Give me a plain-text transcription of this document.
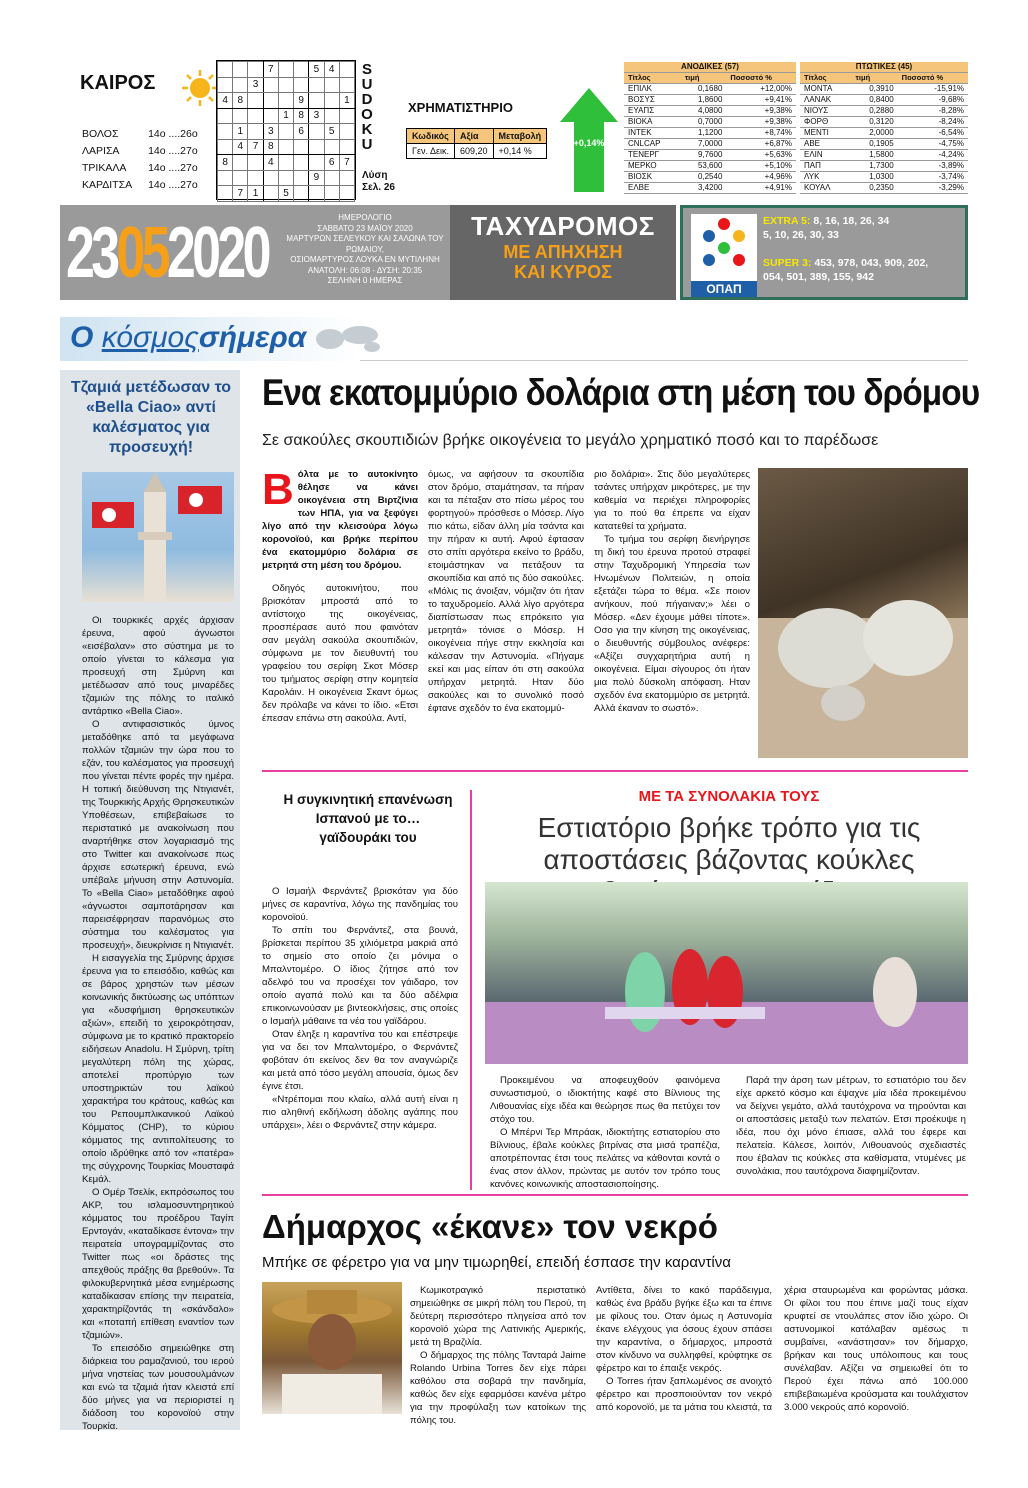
ΚΑΙΡΟΣ
ΒΟΛΟΣ	14ο ....26ο
ΛΑΡΙΣΑ	14ο ....27ο
ΤΡΙΚΑΛΑ	14ο ....27ο
ΚΑΡΔΙΤΣΑ	14ο ....27ο
			7			5	4	
		3						
4	8				9			1
				1	8	3		
	1		3		6		5	
	4	7	8					
8			4				6	7
						9		
	7	1		5				
S
U
D
O
K
U
Λύση
Σελ. 26
ΧΡΗΜΑΤΙΣΤΗΡΙΟ
Κωδικός	Αξία	Μεταβολή
Γεν. Δεικ.	609,20	+0,14 %
+0,14%
ΑΝΟΔΙΚΕΣ (57)		
Τίτλος	τιμή	Ποσοστό %
ΕΠΙΛΚ	0,1680	+12,00%
ΒΟΣΥΣ	1,8600	+9,41%
ΕΥΑΠΣ	4,0800	+9,38%
ΒΙΟΚΑ	0,7000	+9,38%
ΙΝΤΕΚ	1,1200	+8,74%
CNLCAP	7,0000	+6,87%
ΤΕΝΕΡΓ	9,7600	+5,63%
ΜΕΡΚΟ	53,600	+5,10%
ΒΙΟΣΚ	0,2540	+4,96%
ΕΛΒΕ	3,4200	+4,91%
ΠΤΩΤΙΚΕΣ (45)		
Τίτλος	τιμή	Ποσοστό %
ΜΟΝΤΑ	0,3910	-15,91%
ΛΑΝΑΚ	0,8400	-9,68%
ΝΙΟΥΣ	0,2880	-8,28%
ΦΟΡΘ	0,3120	-8,24%
ΜΕΝΤΙ	2,0000	-6,54%
ΑΒΕ	0,1905	-4,75%
ΕΛΙΝ	1,5800	-4,24%
ΠΑΠ	1,7300	-3,89%
ΛΥΚ	1,0300	-3,74%
ΚΟΥΑΛ	0,2350	-3,29%
23052020	ΗΜΕΡΟΛΟΓΙΟ
ΣΑΒΒΑΤΟ 23 ΜΑΪΟΥ 2020
ΜΑΡΤΥΡΩΝ ΣΕΛΕΥΚΟΥ ΚΑΙ ΣΑΛΩΝΑ ΤΟΥ ΡΩΜΑΙΟΥ,
ΟΣΙΟΜΑΡΤΥΡΟΣ ΛΟΥΚΑ ΕΝ ΜΥΤΙΛΗΝΗ
ΑΝΑΤΟΛΗ: 06:08 - ΔΥΣΗ: 20:35
ΣΕΛΗΝΗ 0 ΗΜΕΡΑΣ
ΤΑΧΥΔΡΟΜΟΣ
ΜΕ ΑΠΗΧΗΣΗ
ΚΑΙ ΚΥΡΟΣ
ΟΠΑΠ
EXTRA 5: 8, 16, 18, 26, 34
5, 10, 26, 30, 33
SUPER 3: 453, 978, 043, 909, 202,
054, 501, 389, 155, 942
Ο κόσμοςσήμερα
Τζαμιά μετέδωσαν το «Bella Ciao» αντί καλέσματος για προσευχή!

Οι τουρκικές αρχές άρχισαν έρευνα, αφού άγνωστοι «εισέβαλαν» στο σύστημα με το οποίο γίνεται το κάλεσμα για προσευχή στη Σμύρνη και μετέδωσαν από τους μιναρέδες τζαμιών της πόλης το ιταλικό αντάρτικο «Bella Ciao».

Ο αντιφασιστικός ύμνος μεταδόθηκε από τα μεγάφωνα πολλών τζαμιών την ώρα που το εζάν, του καλέσματος για προσευχή που γίνεται πέντε φορές την ημέρα. Η τοπική διεύθυνση της Ντιγιανέτ, της Τουρκικής Αρχής Θρησκευτικών Υποθέσεων, επιβεβαίωσε το περιστατικό με ανακοίνωση που αναρτήθηκε στον λογαριασμό της στο Twitter και ανακοίνωσε πως άρχισε εσωτερική έρευνα, ενώ υπέβαλε μήνυση στην Αστυνομία. Το «Bella Ciao» μεταδόθηκε αφού «άγνωστοι σαμποτάρησαν και παρεισέφρησαν παρανόμως στο σύστημα του καλέσματος για προσευχή», διευκρίνισε η Ντιγιανέτ.

Η εισαγγελία της Σμύρνης άρχισε έρευνα για το επεισόδιο, καθώς και σε βάρος χρηστών των μέσων κοινωνικής δικτύωσης ως υπόπτων για «δυσφήμιση θρησκευτικών αξιών», επειδή το χειροκρότησαν, σύμφωνα με το κρατικό πρακτορείο ειδήσεων Anadolu. Η Σμύρνη, τρίτη μεγαλύτερη πόλη της χώρας, αποτελεί προπύργιο των υποστηρικτών του λαϊκού χαρακτήρα του κράτους, καθώς και του Ρεπουμπλικανικού Λαϊκού Κόμματος (CHP), το κύριου κόμματος της αντιπολίτευσης το οποίο ιδρύθηκε από τον «πατέρα» της σύγχρονης Τουρκίας Μουσταφά Κεμάλ.

Ο Ομέρ Τσελίκ, εκπρόσωπος του AKP, του ισλαμοσυντηρητικού κόμματος του προέδρου Ταγίπ Ερντογάν, «καταδίκασε έντονα» την πειρατεία υπογραμμίζοντας στο Twitter πως «οι δράστες της απεχθούς πράξης θα βρεθούν». Τα φιλοκυβερνητικά μέσα ενημέρωσης καταδίκασαν επίσης την πειρατεία, χαρακτηρίζοντάς τη «σκάνδαλο» και «ποταπή επίθεση εναντίον των τζαμιών».

Το επεισόδιο σημειώθηκε στη διάρκεια του ραμαζανιού, του ιερού μήνα νηστείας των μουσουλμάνων και ενώ τα τζαμιά ήταν κλειστά επί δύο μήνες για να περιοριστεί η διάδοση του κορονοϊού στην Τουρκία.

Ενα εκατομμύριο δολάρια στη μέση του δρόμου
Σε σακούλες σκουπιδιών βρήκε οικογένεια το μεγάλο χρηματικό ποσό και το παρέδωσε

Βόλτα με το αυτοκίνητο θέλησε να κάνει οικογένεια στη Βιρτζίνια των ΗΠΑ, για να ξεφύγει λίγο από την κλεισούρα λόγω κορονοϊού, και βρήκε περίπου ένα εκατομμύριο δολάρια σε μετρητά στη μέση του δρόμου.

Οδηγός αυτοκινήτου, που βρισκόταν μπροστά από το αντίστοιχο της οικογένειας, προσπέρασε αυτό που φαινόταν σαν μεγάλη σακούλα σκουπιδιών, σύμφωνα με τον διευθυντή του γραφείου του σερίφη Σκοτ Μόσερ του τμήματος σερίφη στην κομητεία Καρολάιν. Η οικογένεια Σκαντ όμως δεν πρόλαβε να κάνει το ίδιο. «Ετσι έπεσαν επάνω στη σακούλα. Αντί,

όμως, να αφήσουν τα σκουπίδια στον δρόμο, σταμάτησαν, τα πήραν και τα πέταξαν στο πίσω μέρος του φορτηγού» πρόσθεσε ο Μόσερ. Λίγο πιο κάτω, είδαν άλλη μία τσάντα και την πήραν κι αυτή. Αφού έφτασαν στο σπίτι αργότερα εκείνο το βράδυ, ετοιμάστηκαν να πετάξουν τα σκουπίδια και από τις δύο σακούλες. «Μόλις τις άνοιξαν, νόμιζαν ότι ήταν το ταχυδρομείο. Αλλά λίγο αργότερα διαπίστωσαν πως επρόκειτο για μετρητά» τόνισε ο Μόσερ. Η οικογένεια πήγε στην εκκλησία και κάλεσαν την Αστυνομία. «Πήγαμε εκεί και μας είπαν ότι στη σακούλα υπήρχαν μετρητά. Ηταν δύο σακούλες και το συνολικό ποσό έφτανε σχεδόν το ένα εκατομμύ-

ριο δολάρια». Στις δύο μεγαλύτερες τσάντες υπήρχαν μικρότερες, με την καθεμία να περιέχει πληροφορίες για το πού θα έπρεπε να είχαν κατατεθεί τα χρήματα.

Το τμήμα του σερίφη διενήργησε τη δική του έρευνα προτού στραφεί στην Ταχυδρομική Υπηρεσία των Ηνωμένων Πολιτειών, η οποία εξετάζει τώρα το θέμα. «Σε ποιον ανήκουν, πού πήγαιναν;» λέει ο Μόσερ. «Δεν έχουμε μάθει τίποτε». Οσο για την κίνηση της οικογένειας, ο διευθυντής σύμβουλος ανέφερε: «Αξίζει συγχαρητήρια αυτή η οικογένεια. Είμαι σίγουρος ότι ήταν μια πολύ δύσκολη απόφαση. Ηταν σχεδόν ένα εκατομμύριο σε μετρητά. Αλλά έκαναν το σωστό».

Η συγκινητική επανένωση Ισπανού με το… γαϊδουράκι του

Ο Ισμαήλ Φερνάντεζ βρισκόταν για δύο μήνες σε καραντίνα, λόγω της πανδημίας του κορονοϊού.

Το σπίτι του Φερνάντεζ, στα βουνά, βρίσκεται περίπου 35 χιλιόμετρα μακριά από το σημείο στο οποίο ζει μόνιμα ο Μπαλντομέρο. Ο ίδιος ζήτησε από τον αδελφό του να προσέχει τον γάιδαρο, τον οποίο αγαπά πολύ και τα δύο αδέλφια επικοινωνούσαν με βιντεοκλήσεις, στις οποίες ο Ισμαήλ μάθαινε τα νέα του γαϊδάρου.

Οταν έληξε η καραντίνα του και επέστρεψε για να δει τον Μπαλντομέρο, ο Φερνάντεζ φοβόταν ότι εκείνος δεν θα τον αναγνώριζε και μετά από τόσο μεγάλη απουσία, όμως δεν έγινε έτσι.

«Ντρέπομαι που κλαίω, αλλά αυτή είναι η πιο αληθινή εκδήλωση άδολης αγάπης που υπάρχει», λέει ο Φερνάντεζ στην κάμερα.

ΜΕ ΤΑ ΣΥΝΟΛΑΚΙΑ ΤΟΥΣ
Εστιατόριο βρήκε τρόπο για τις αποστάσεις βάζοντας κούκλες

Προκειμένου να αποφευχθούν φαινόμενα συνωστισμού, ο ιδιοκτήτης καφέ στο Βίλνιους της Λιθουανίας είχε ιδέα και θεώρησε πως θα πετύχει τον στόχο του.

Ο Μπέρνι Τερ Μπράακ, ιδιοκτήτης εστιατορίου στο Βίλνιους, έβαλε κούκλες βιτρίνας στα μισά τραπέζια, αποτρέποντας έτσι τους πελάτες να κάθονται κοντά ο ένας στον άλλον, πρώντας με αυτόν τον τρόπο τους κανόνες κοινωνικής αποστασιοποίησης.

Παρά την άρση των μέτρων, το εστιατόριο του δεν είχε αρκετό κόσμο και έψαχνε μία ιδέα προκειμένου να δείχνει γεμάτο, αλλά ταυτόχρονα να τηρούνται και οι αποστάσεις μεταξύ των πελατών. Ετσι προέκυψε η ιδέα, που όχι μόνο έπιασε, αλλά του έφερε και πελατεία. Κάλεσε, λοιπόν, Λιθουανούς σχεδιαστές που έβαλαν τις κούκλες στα καθίσματα, ντυμένες με συνολάκια, που ταυτόχρονα διαφημίζονταν.

Δήμαρχος «έκανε» τον νεκρό
Μπήκε σε φέρετρο για να μην τιμωρηθεί, επειδή έσπασε την καραντίνα

Κωμικοτραγικό περιστατικό σημειώθηκε σε μικρή πόλη του Περού, τη δεύτερη περισσότερο πληγείσα από τον κορονοϊό χώρα της Λατινικής Αμερικής, μετά τη Βραζιλία.

Ο δήμαρχος της πόλης Τανταρά Jaime Rolando Urbina Torres δεν είχε πάρει καθόλου στα σοβαρά την πανδημία, καθώς δεν είχε εφαρμόσει κανένα μέτρο για την προφύλαξη των κατοίκων της πόλης του.

Αντίθετα, δίνει το κακό παράδειγμα, καθώς ένα βράδυ βγήκε έξω και τα έπινε με φίλους του. Οταν όμως η Αστυνομία έκανε ελέγχους για όσους έχουν σπάσει την καραντίνα, ο δήμαρχος, μπροστά στον κίνδυνο να συλληφθεί, κρύφτηκε σε φέρετρο και το έπαιξε νεκρός.

Ο Torres ήταν ξαπλωμένος σε ανοιχτό φέρετρο και προσποιούνταν τον νεκρό από κορονοϊό, με τα μάτια του κλειστά, τα

χέρια σταυρωμένα και φορώντας μάσκα. Οι φίλοι του που έπινε μαζί τους είχαν κρυφτεί σε ντουλάπες στον ίδιο χώρο. Οι αστυνομικοί κατάλαβαν αμέσως τι συμβαίνει, «ανάστησαν» τον δήμαρχο, βρήκαν και τους υπόλοιπους και τους συνέλαβαν. Αξίζει να σημειωθεί ότι το Περού έχει πάνω από 100.000 επιβεβαιωμένα κρούσματα και τουλάχιστον 3.000 νεκρούς από κορονοϊό.
